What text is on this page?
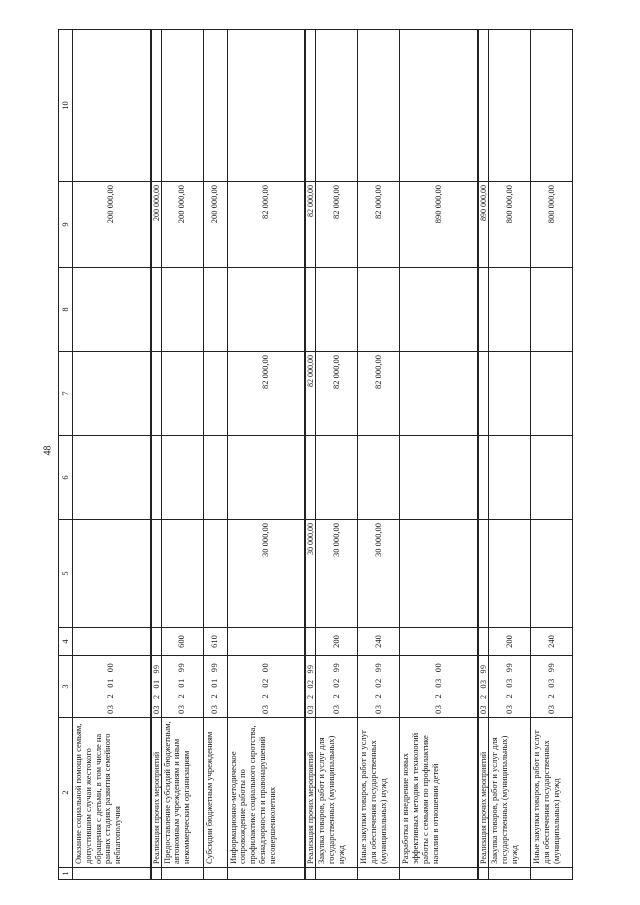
48
1	2	3	4	5	6	7	8	9	10
	Оказание социальной помощи семьям, допустившим случаи жестокого обращения с детьми, в том числе на ранних стадиях развития семейного неблагополучия	0320100						200 000,00	
	Реализация прочих мероприятий	0320199						200 000,00	
	Предоставление субсидий бюджетным, автономным учреждениям и иным некоммерческим организациям	0320199	600					200 000,00	
	Субсидии бюджетным учреждениям	0320199	610					200 000,00	
	Информационно-методическое сопровождение работы по профилактике социального сиротства, безнадзорности и правонарушений несовершеннолетних	0320200		30 000,00		82 000,00		82 000,00	
	Реализация прочих мероприятий	0320299		30 000,00		82 000,00		82 000,00	
	Закупка товаров, работ и услуг для государственных (муниципальных) нужд	0320299	200	30 000,00		82 000,00		82 000,00	
	Иные закупки товаров, работ и услуг для обеспечения государственных (муниципальных) нужд	0320299	240	30 000,00		82 000,00		82 000,00	
	Разработка и внедрение новых эффективных методик и технологий работы с семьями по профилактике насилия в отношении детей	0320300						890 000,00	
	Реализация прочих мероприятий	0320399						890 000,00	
	Закупка товаров, работ и услуг для государственных (муниципальных) нужд	0320399	200					800 000,00	
	Иные закупки товаров, работ и услуг для обеспечения государственных (муниципальных) нужд	0320399	240					800 000,00	
